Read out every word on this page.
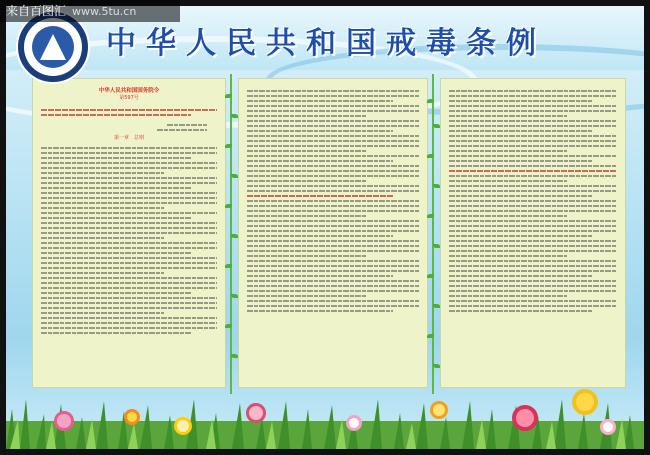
来自百图汇 www.5tu.cn
中华人民共和国戒毒条例
中华人民共和国国务院令
第597号
第一章　总则
